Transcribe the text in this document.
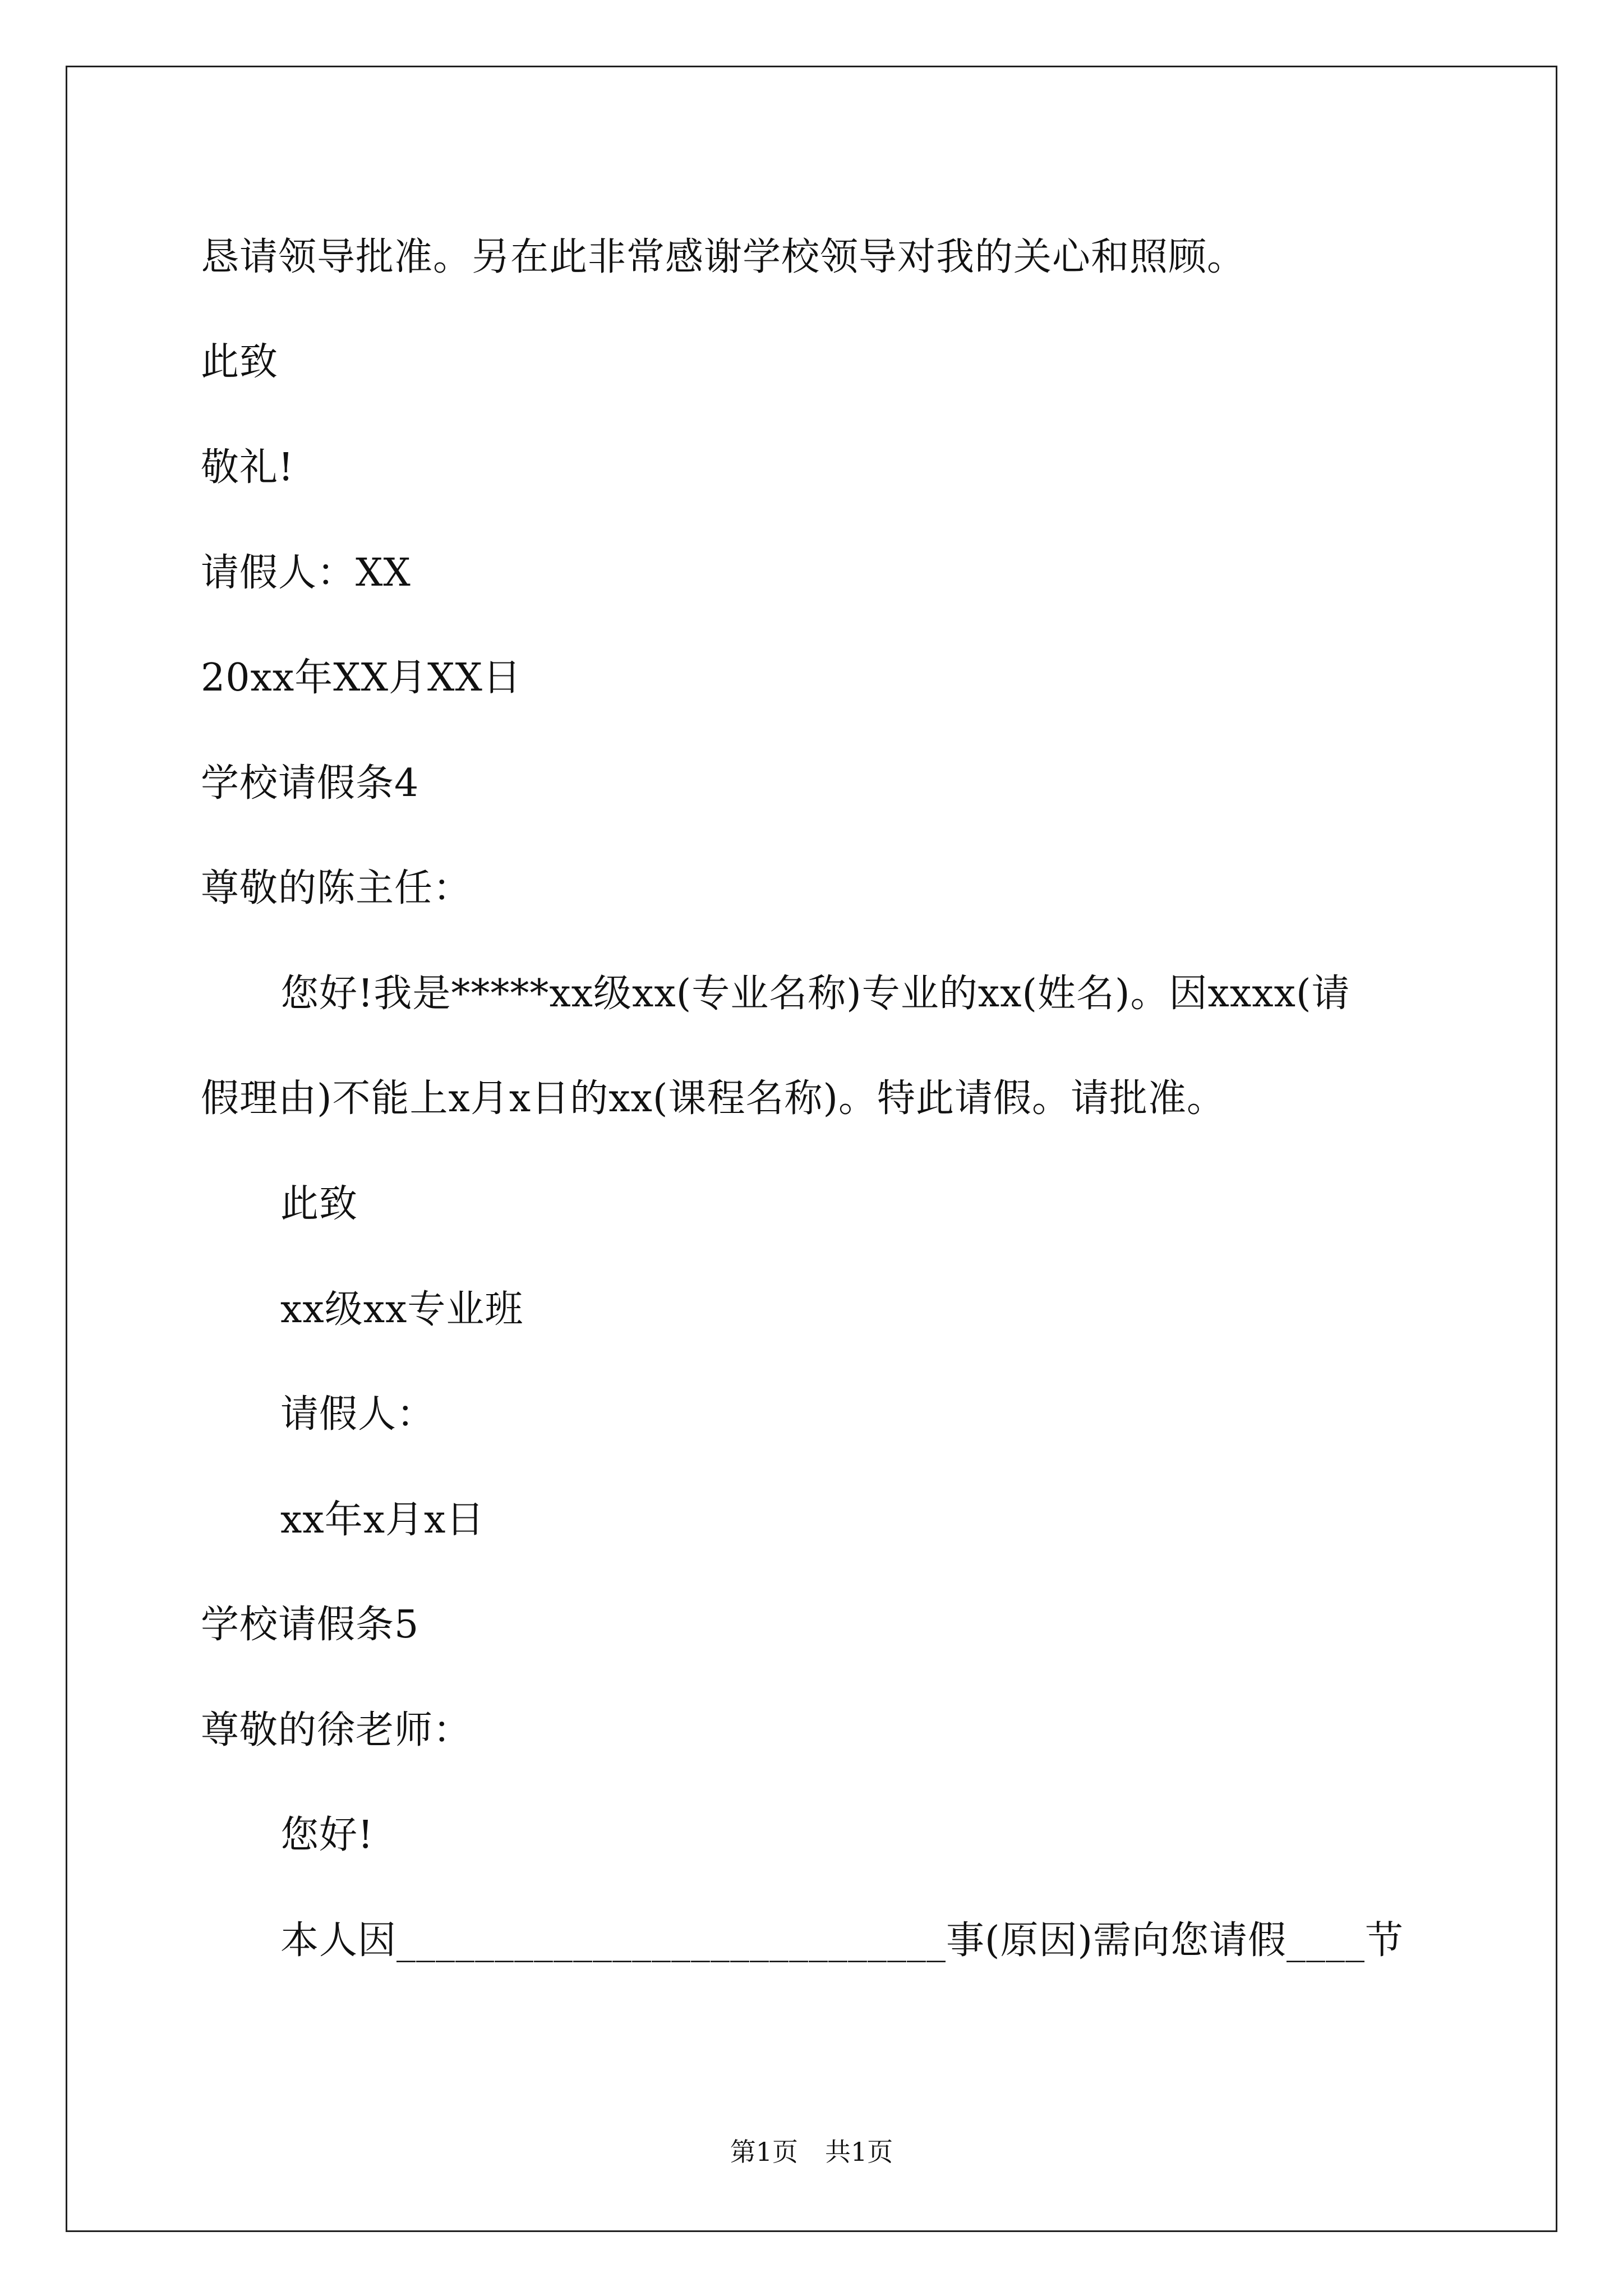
恳请领导批准。另在此非常感谢学校领导对我的关心和照顾。
此致
敬礼!
请假人：XX
20xx年XX月XX日
学校请假条4
尊敬的陈主任：
您好!我是*****xx级xx(专业名称)专业的xx(姓名)。因xxxx(请
假理由)不能上x月x日的xx(课程名称)。特此请假。请批准。
此致
xx级xx专业班
请假人：
xx年x月x日
学校请假条5
尊敬的徐老师：
您好!
本人因____________________________事(原因)需向您请假____节
第1页 共1页
